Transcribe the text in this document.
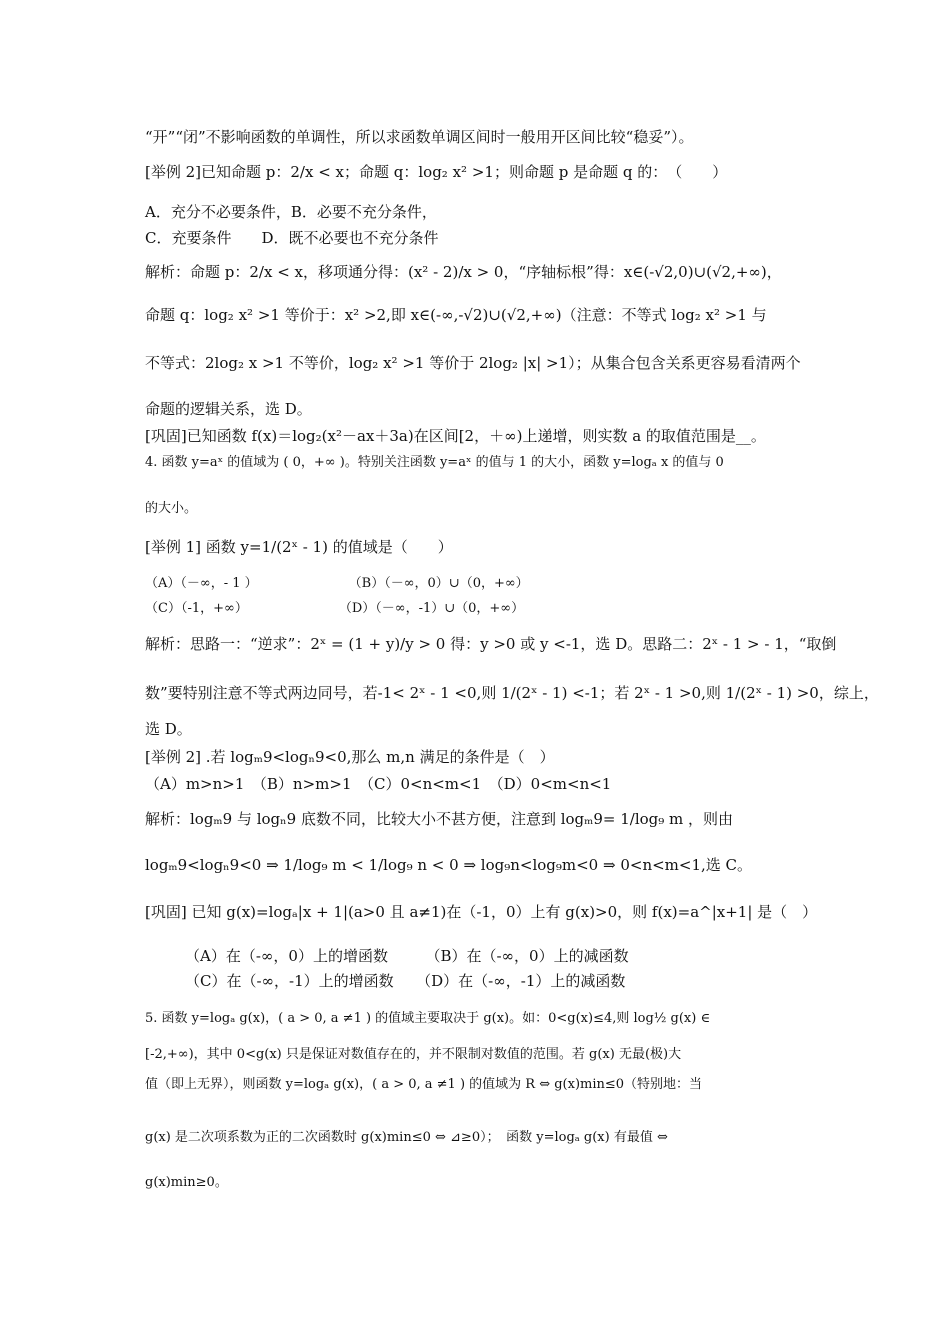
“开”“闭”不影响函数的单调性，所以求函数单调区间时一般用开区间比较“稳妥”）。
[举例 2]已知命题 p：2/x < x；命题 q：log₂ x² >1；则命题 p 是命题 q 的：　（　　）
A．充分不必要条件，B．必要不充分条件，
C．充要条件　　D．既不必要也不充分条件
解析：命题 p：2/x < x，移项通分得：(x² - 2)/x > 0，“序轴标根”得：x∈(-√2,0)∪(√2,+∞)，
命题 q：log₂ x² >1 等价于：x² >2,即 x∈(-∞,-√2)∪(√2,+∞)（注意：不等式 log₂ x² >1 与
不等式：2log₂ x >1 不等价，log₂ x² >1 等价于 2log₂ |x| >1）；从集合包含关系更容易看清两个
命题的逻辑关系，选 D。
[巩固]已知函数 f(x)＝log₂(x²－ax＋3a)在区间[2，＋∞)上递增，则实数 a 的取值范围是__。
4. 函数 y=aˣ 的值域为 ( 0，+∞ )。特别关注函数 y=aˣ 的值与 1 的大小，函数 y=logₐ x 的值与 0
的大小。
[举例 1] 函数 y=1/(2ˣ - 1) 的值域是（　　）
（A）（－∞，- 1 ）　　　　　　　　（B）（－∞，0）∪（0，+∞）
（C）（-1，+∞）　　　　　　　　（D）（－∞，-1）∪（0，+∞）
解析：思路一：“逆求”：2ˣ = (1 + y)/y > 0 得：y >0 或 y <-1，选 D。思路二：2ˣ - 1 > - 1，“取倒
数”要特别注意不等式两边同号，若-1< 2ˣ - 1 <0,则 1/(2ˣ - 1) <-1；若 2ˣ - 1 >0,则 1/(2ˣ - 1) >0，综上，
选 D。
[举例 2] .若 logₘ9<logₙ9<0,那么 m,n 满足的条件是（　）
（A）m>n>1　（B）n>m>1　（C）0<n<m<1　（D）0<m<n<1
解析：logₘ9 与 logₙ9 底数不同，比较大小不甚方便，注意到 logₘ9= 1/log₉ m ，则由
logₘ9<logₙ9<0 ⇒ 1/log₉ m < 1/log₉ n < 0 ⇒ log₉n<log₉m<0 ⇒ 0<n<m<1,选 C。
[巩固] 已知 g(x)=logₐ|x + 1|(a>0 且 a≠1)在（-1，0）上有 g(x)>0，则 f(x)=a^|x+1| 是（　）
（A）在（-∞，0）上的增函数　　　（B）在（-∞，0）上的减函数
（C）在（-∞，-1）上的增函数　　（D）在（-∞，-1）上的减函数
5. 函数 y=logₐ g(x)，( a > 0, a ≠1 ) 的值域主要取决于 g(x)。如：0<g(x)≤4,则 log½ g(x) ∈
[-2,+∞)，其中 0<g(x) 只是保证对数值存在的，并不限制对数值的范围。若 g(x) 无最(极)大
值（即上无界），则函数 y=logₐ g(x)，( a > 0, a ≠1 ) 的值域为 R ⇔ g(x)min≤0（特别地：当
g(x) 是二次项系数为正的二次函数时 g(x)min≤0 ⇔ ⊿≥0）；　函数 y=logₐ g(x) 有最值 ⇔
g(x)min≥0。
